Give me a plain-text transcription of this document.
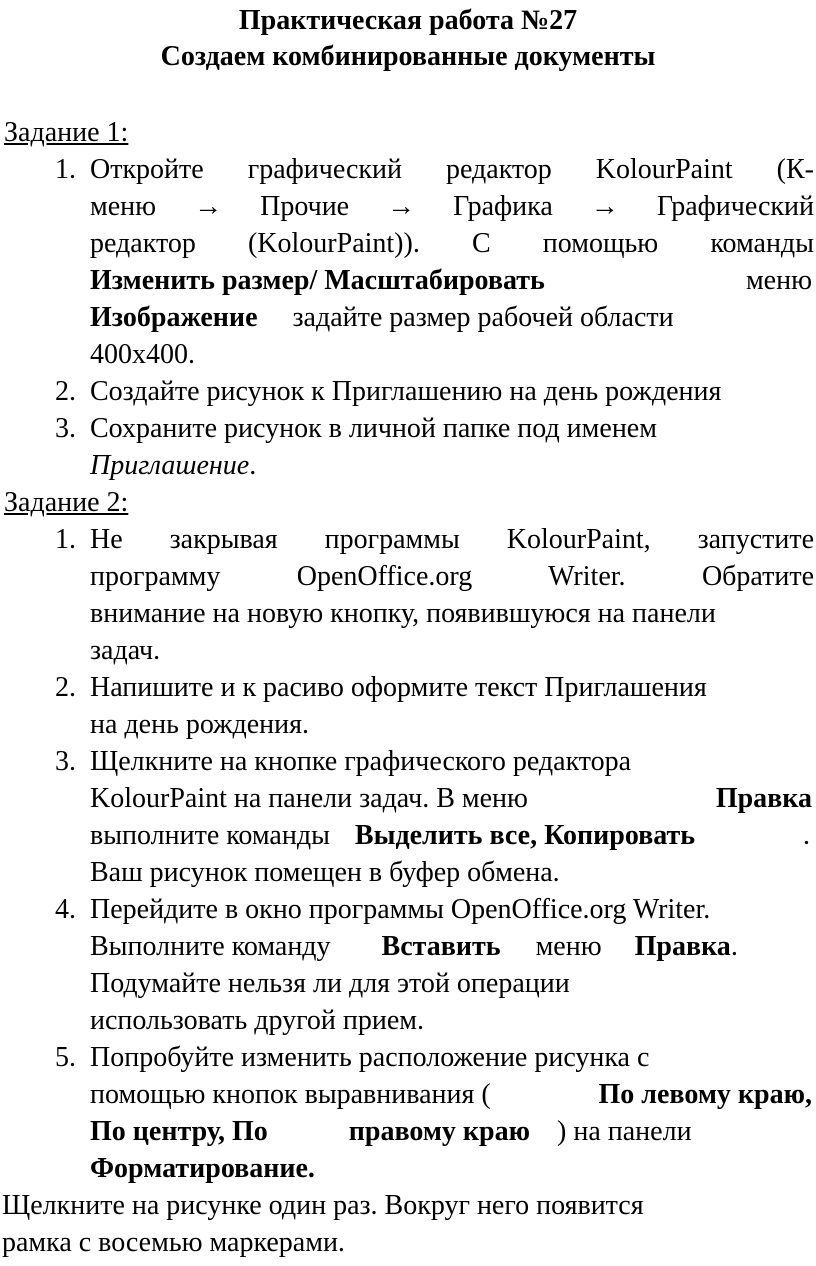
Практическая работа №27
Создаем комбинированные документы
Задание 1:
1. Откройте графический редактор KolourPaint (К-
меню → Прочие → Графика → Графический
редактор (KolourPaint)). С помощью команды
Изменить размер/ Масштабировать	меню
Изображение задайте размер рабочей области
400х400.
2. Создайте рисунок к Приглашению на день рождения
3. Сохраните рисунок в личной папке под именем
Приглашение.
Задание 2:
1. Не закрывая программы KolourPaint, запустите
программу OpenOffice.org Writer. Обратите
внимание на новую кнопку, появившуюся на панели
задач.
2. Напишите и к расиво оформите текст Приглашения
на день рождения.
3. Щелкните на кнопке графического редактора
KolourPaint на панели задач. В меню	Правка
выполните команды Выделить все, Копировать	.
Ваш рисунок помещен в буфер обмена.
4. Перейдите в окно программы OpenOffice.org Writer.
Выполните команду Вставить меню Правка.
Подумайте нельзя ли для этой операции
использовать другой прием.
5. Попробуйте изменить расположение рисунка с
помощью кнопок выравнивания (	По левому краю,
По центру, По	правому краю ) на панели
Форматирование.
Щелкните на рисунке один раз. Вокруг него появится
рамка с восемью маркерами.
